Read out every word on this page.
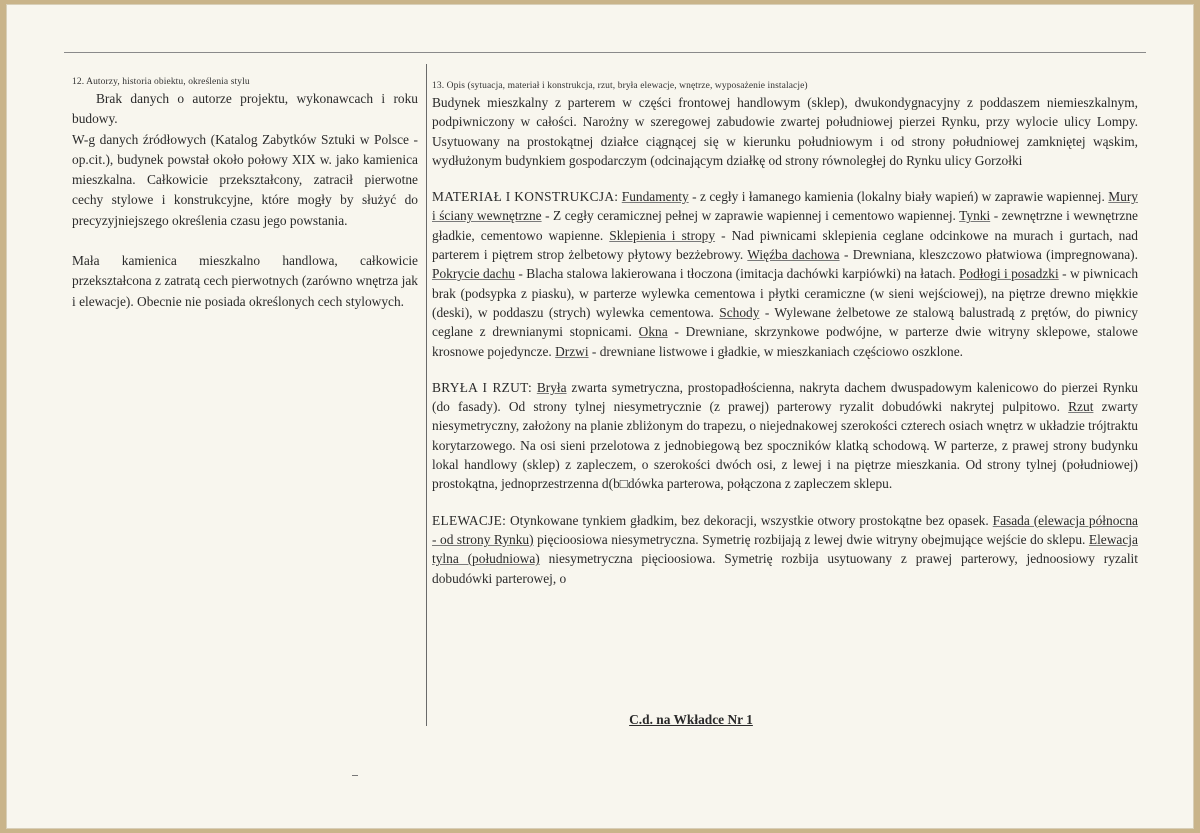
12. Autorzy, historia obiektu, określenia stylu

Brak danych o autorze projektu, wykonawcach i roku budowy.

W-g danych źródłowych (Katalog Zabytków Sztuki w Polsce - op.cit.), budynek powstał około połowy XIX w. jako kamienica mieszkalna. Całkowicie przekształcony, zatracił pierwotne cechy stylowe i konstrukcyjne, które mogły by służyć do precyzyjniejszego określenia czasu jego powstania.

Mała kamienica mieszkalno handlowa, całkowicie przekształcona z zatratą cech pierwotnych (zarówno wnętrza jak i elewacje). Obecnie nie posiada określonych cech stylowych.

13. Opis (sytuacja, materiał i konstrukcja, rzut, bryła elewacje, wnętrze, wyposażenie instalacje)

Budynek mieszkalny z parterem w części frontowej handlowym (sklep), dwukondygnacyjny z poddaszem niemieszkalnym, podpiwniczony w całości. Narożny w szeregowej zabudowie zwartej południowej pierzei Rynku, przy wylocie ulicy Lompy. Usytuowany na prostokątnej działce ciągnącej się w kierunku południowym i od strony południowej zamkniętej wąskim, wydłużonym budynkiem gospodarczym (odcinającym działkę od strony równoległej do Rynku ulicy Gorzołki

MATERIAŁ I KONSTRUKCJA: Fundamenty - z cegły i łamanego kamienia (lokalny biały wapień) w zaprawie wapiennej. Mury i ściany wewnętrzne - Z cegły ceramicznej pełnej w zaprawie wapiennej i cementowo wapiennej. Tynki - zewnętrzne i wewnętrzne gładkie, cementowo wapienne. Sklepienia i stropy - Nad piwnicami sklepienia ceglane odcinkowe na murach i gurtach, nad parterem i piętrem strop żelbetowy płytowy bezżebrowy. Więźba dachowa - Drewniana, kleszczowo płatwiowa (impregnowana). Pokrycie dachu - Blacha stalowa lakierowana i tłoczona (imitacja dachówki karpiówki) na łatach. Podłogi i posadzki - w piwnicach brak (podsypka z piasku), w parterze wylewka cementowa i płytki ceramiczne (w sieni wejściowej), na piętrze drewno miękkie (deski), w poddaszu (strych) wylewka cementowa. Schody - Wylewane żelbetowe ze stalową balustradą z prętów, do piwnicy ceglane z drewnianymi stopnicami. Okna - Drewniane, skrzynkowe podwójne, w parterze dwie witryny sklepowe, stalowe krosnowe pojedyncze. Drzwi - drewniane listwowe i gładkie, w mieszkaniach częściowo oszklone.

BRYŁA I RZUT: Bryła zwarta symetryczna, prostopadłościenna, nakryta dachem dwuspadowym kalenicowo do pierzei Rynku (do fasady). Od strony tylnej niesymetrycznie (z prawej) parterowy ryzalit dobudówki nakrytej pulpitowo. Rzut zwarty niesymetryczny, założony na planie zbliżonym do trapezu, o niejednakowej szerokości czterech osiach wnętrz w układzie trójtraktu korytarzowego. Na osi sieni przelotowa z jednobiegową bez spoczników klatką schodową. W parterze, z prawej strony budynku lokal handlowy (sklep) z zapleczem, o szerokości dwóch osi, z lewej i na piętrze mieszkania. Od strony tylnej (południowej) prostokątna, jednoprzestrzenna d(b□dówka parterowa, połączona z zapleczem sklepu.

ELEWACJE: Otynkowane tynkiem gładkim, bez dekoracji, wszystkie otwory prostokątne bez opasek. Fasada (elewacja północna - od strony Rynku) pięcioosiowa niesymetryczna. Symetrię rozbijają z lewej dwie witryny obejmujące wejście do sklepu. Elewacja tylna (południowa) niesymetryczna pięcioosiowa. Symetrię rozbija usytuowany z prawej parterowy, jednoosiowy ryzalit dobudówki parterowej, o

C.d. na Wkładce Nr 1
